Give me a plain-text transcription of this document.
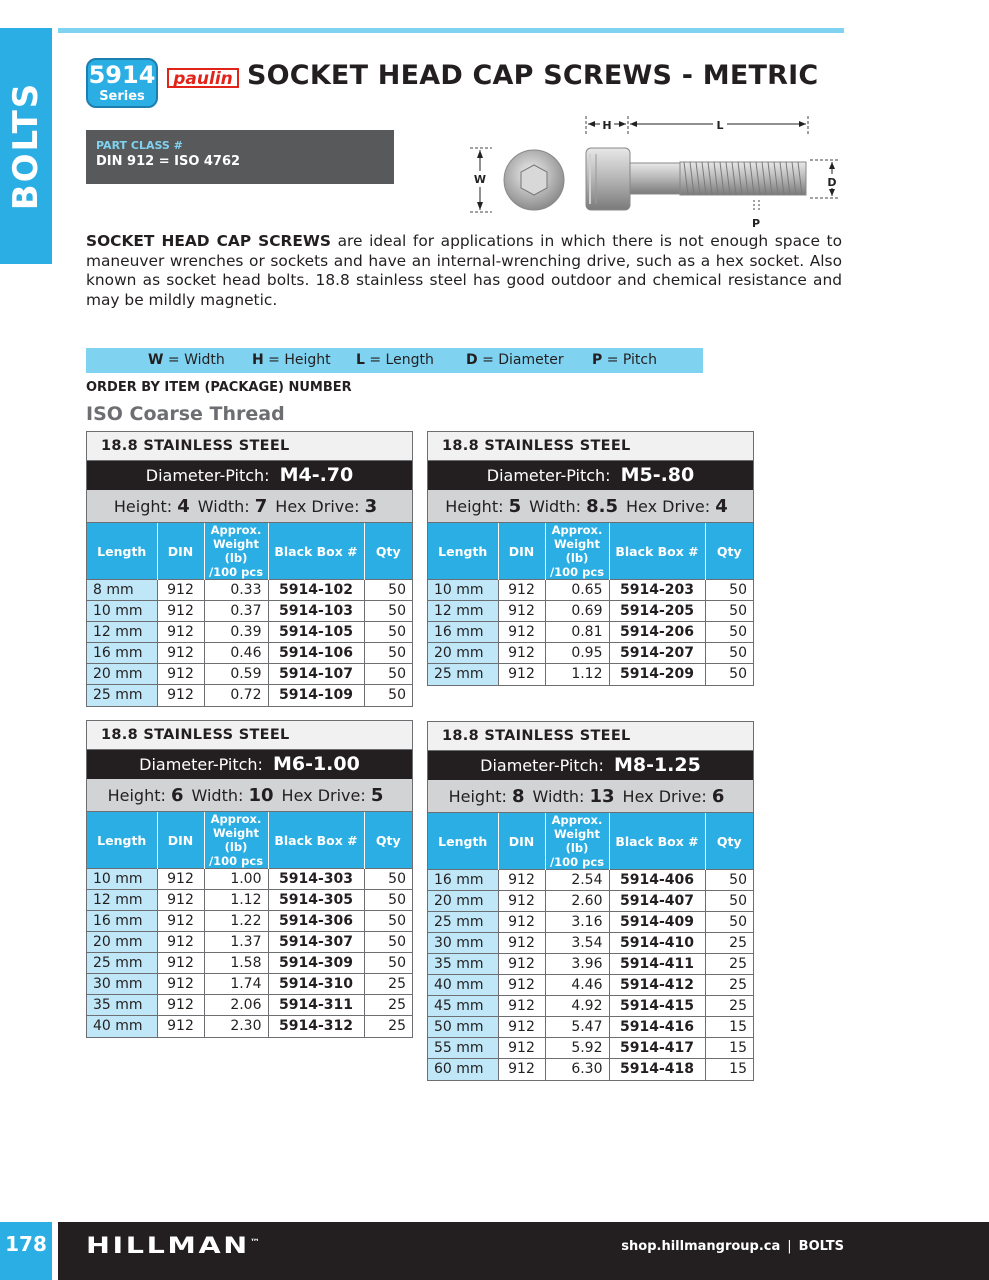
BOLTS
5914
Series
paulin SOCKET HEAD CAP SCREWS - METRIC
PART CLASS #
DIN 912 = ISO 4762
W
H	L
D
P

SOCKET HEAD CAP SCREWS are ideal for applications in which there is not enough space to maneuver wrenches or sockets and have an internal-wrenching drive, such as a hex socket. Also known as socket head bolts. 18.8 stainless steel has good outdoor and chemical resistance and may be mildly magnetic.

W = Width H = Height L = Length D = Diameter P = Pitch
ORDER BY ITEM (PACKAGE) NUMBER
ISO Coarse Thread
18.8 STAINLESS STEEL
Diameter-Pitch: M4-.70
Height: 4 Width: 7 Hex Drive: 3
Length	DIN	Approx.
Weight (lb)
/100 pcs	Black Box #	Qty
8 mm	912	0.33	5914-102	50
10 mm	912	0.37	5914-103	50
12 mm	912	0.39	5914-105	50
16 mm	912	0.46	5914-106	50
20 mm	912	0.59	5914-107	50
25 mm	912	0.72	5914-109	50
18.8 STAINLESS STEEL
Diameter-Pitch: M5-.80
Height: 5 Width: 8.5 Hex Drive: 4
Length	DIN	Approx.
Weight (lb)
/100 pcs	Black Box #	Qty
10 mm	912	0.65	5914-203	50
12 mm	912	0.69	5914-205	50
16 mm	912	0.81	5914-206	50
20 mm	912	0.95	5914-207	50
25 mm	912	1.12	5914-209	50
18.8 STAINLESS STEEL
Diameter-Pitch: M6-1.00
Height: 6 Width: 10 Hex Drive: 5
Length	DIN	Approx.
Weight (lb)
/100 pcs	Black Box #	Qty
10 mm	912	1.00	5914-303	50
12 mm	912	1.12	5914-305	50
16 mm	912	1.22	5914-306	50
20 mm	912	1.37	5914-307	50
25 mm	912	1.58	5914-309	50
30 mm	912	1.74	5914-310	25
35 mm	912	2.06	5914-311	25
40 mm	912	2.30	5914-312	25
18.8 STAINLESS STEEL
Diameter-Pitch: M8-1.25
Height: 8 Width: 13 Hex Drive: 6
Length	DIN	Approx.
Weight (lb)
/100 pcs	Black Box #	Qty
16 mm	912	2.54	5914-406	50
20 mm	912	2.60	5914-407	50
25 mm	912	3.16	5914-409	50
30 mm	912	3.54	5914-410	25
35 mm	912	3.96	5914-411	25
40 mm	912	4.46	5914-412	25
45 mm	912	4.92	5914-415	25
50 mm	912	5.47	5914-416	15
55 mm	912	5.92	5914-417	15
60 mm	912	6.30	5914-418	15
178 HILLMAN™	shop.hillmangroup.ca | BOLTS
